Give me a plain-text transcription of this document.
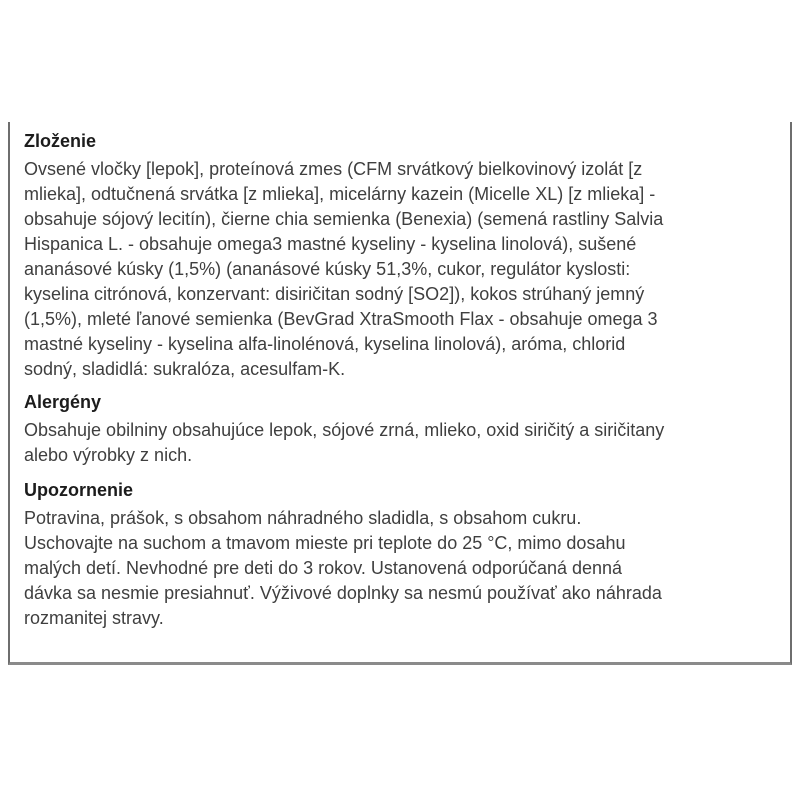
Zloženie

Ovsené vločky [lepok], proteínová zmes (CFM srvátkový bielkovinový izolát [z
mlieka], odtučnená srvátka [z mlieka], micelárny kazein (Micelle XL) [z mlieka] -
obsahuje sójový lecitín), čierne chia semienka (Benexia) (semená rastliny Salvia
Hispanica L. - obsahuje omega3 mastné kyseliny - kyselina linolová), sušené
ananásové kúsky (1,5%) (ananásové kúsky 51,3%, cukor, regulátor kyslosti:
kyselina citrónová, konzervant: disiričitan sodný [SO2]), kokos strúhaný jemný
(1,5%), mleté ľanové semienka (BevGrad XtraSmooth Flax - obsahuje omega 3
mastné kyseliny - kyselina alfa-linolénová, kyselina linolová), aróma, chlorid
sodný, sladidlá: sukralóza, acesulfam-K.

Alergény

Obsahuje obilniny obsahujúce lepok, sójové zrná, mlieko, oxid siričitý a siričitany
alebo výrobky z nich.

Upozornenie

Potravina, prášok, s obsahom náhradného sladidla, s obsahom cukru.
Uschovajte na suchom a tmavom mieste pri teplote do 25 °C, mimo dosahu
malých detí. Nevhodné pre deti do 3 rokov. Ustanovená odporúčaná denná
dávka sa nesmie presiahnuť. Výživové doplnky sa nesmú používať ako náhrada
rozmanitej stravy.
